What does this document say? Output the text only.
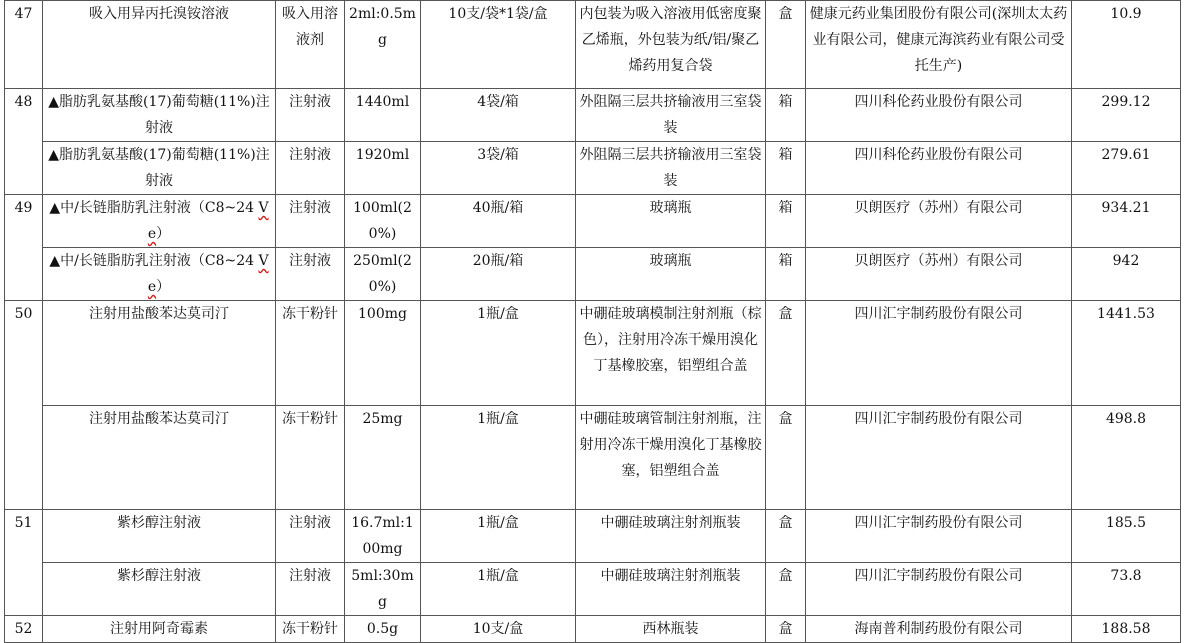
47	吸入用异丙托溴铵溶液	吸入用溶液剂	2ml:0.5mg	10支/袋*1袋/盒	内包装为吸入溶液用低密度聚乙烯瓶，外包装为纸/铝/聚乙烯药用复合袋	盒	健康元药业集团股份有限公司(深圳太太药业有限公司，健康元海滨药业有限公司受托生产)	10.9
48	▲脂肪乳氨基酸(17)葡萄糖(11%)注射液	注射液	1440ml	4袋/箱	外阻隔三层共挤输液用三室袋装	箱	四川科伦药业股份有限公司	299.12
	▲脂肪乳氨基酸(17)葡萄糖(11%)注射液	注射液	1920ml	3袋/箱	外阻隔三层共挤输液用三室袋装	箱	四川科伦药业股份有限公司	279.61
49	▲中/长链脂肪乳注射液（C8~24 Ve）	注射液	100ml(20%)	40瓶/箱	玻璃瓶	箱	贝朗医疗（苏州）有限公司	934.21
	▲中/长链脂肪乳注射液（C8~24 Ve）	注射液	250ml(20%)	20瓶/箱	玻璃瓶	箱	贝朗医疗（苏州）有限公司	942
50	注射用盐酸苯达莫司汀	冻干粉针	100mg	1瓶/盒	中硼硅玻璃模制注射剂瓶（棕色），注射用冷冻干燥用溴化丁基橡胶塞，铝塑组合盖	盒	四川汇宇制药股份有限公司	1441.53
	注射用盐酸苯达莫司汀	冻干粉针	25mg	1瓶/盒	中硼硅玻璃管制注射剂瓶，注射用冷冻干燥用溴化丁基橡胶塞，铝塑组合盖	盒	四川汇宇制药股份有限公司	498.8
51	紫杉醇注射液	注射液	16.7ml:100mg	1瓶/盒	中硼硅玻璃注射剂瓶装	盒	四川汇宇制药股份有限公司	185.5
	紫杉醇注射液	注射液	5ml:30mg	1瓶/盒	中硼硅玻璃注射剂瓶装	盒	四川汇宇制药股份有限公司	73.8
52	注射用阿奇霉素	冻干粉针	0.5g	10支/盒	西林瓶装	盒	海南普利制药股份有限公司	188.58
